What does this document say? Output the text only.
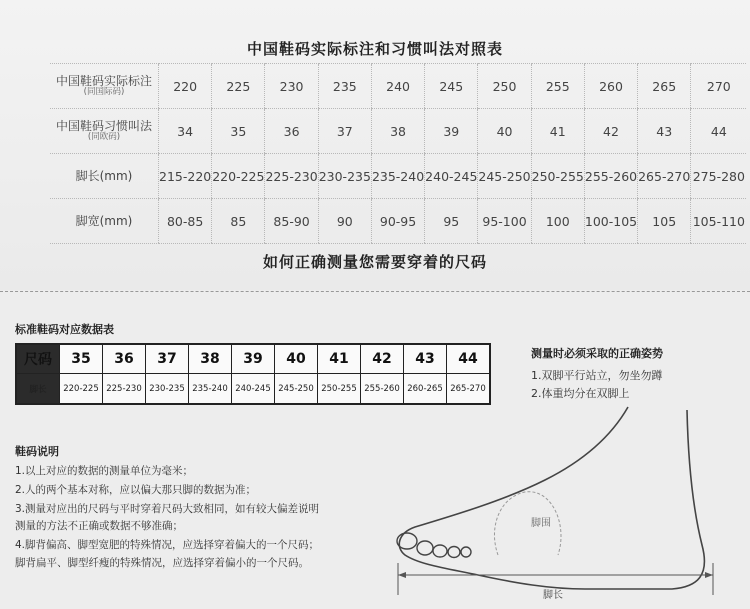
中国鞋码实际标注和习惯叫法对照表
中国鞋码实际标注
(同国际码)	220	225	230	235	240	245	250	255	260	265	270
中国鞋码习惯叫法
(同欧码)	34	35	36	37	38	39	40	41	42	43	44
脚长(mm)	215-220	220-225	225-230	230-235	235-240	240-245	245-250	250-255	255-260	265-270	275-280
脚宽(mm)	80-85	85	85-90	90	90-95	95	95-100	100	100-105	105	105-110
如何正确测量您需要穿着的尺码
标准鞋码对应数据表
尺码	35	36	37	38	39	40	41	42	43	44
脚长	220-225	225-230	230-235	235-240	240-245	245-250	250-255	255-260	260-265	265-270
测量时必须采取的正确姿势
1.双脚平行站立，勿坐勿蹲
2.体重均分在双脚上
鞋码说明
1.以上对应的数据的测量单位为毫米；
2.人的两个基本对称，应以偏大那只脚的数据为准；
3.测量对应出的尺码与平时穿着尺码大致相同，如有较大偏差说明
测量的方法不正确或数据不够准确；
4.脚背偏高、脚型宽肥的特殊情况，应选择穿着偏大的一个尺码；
脚背扁平、脚型纤瘦的特殊情况，应选择穿着偏小的一个尺码。
脚围
脚长
